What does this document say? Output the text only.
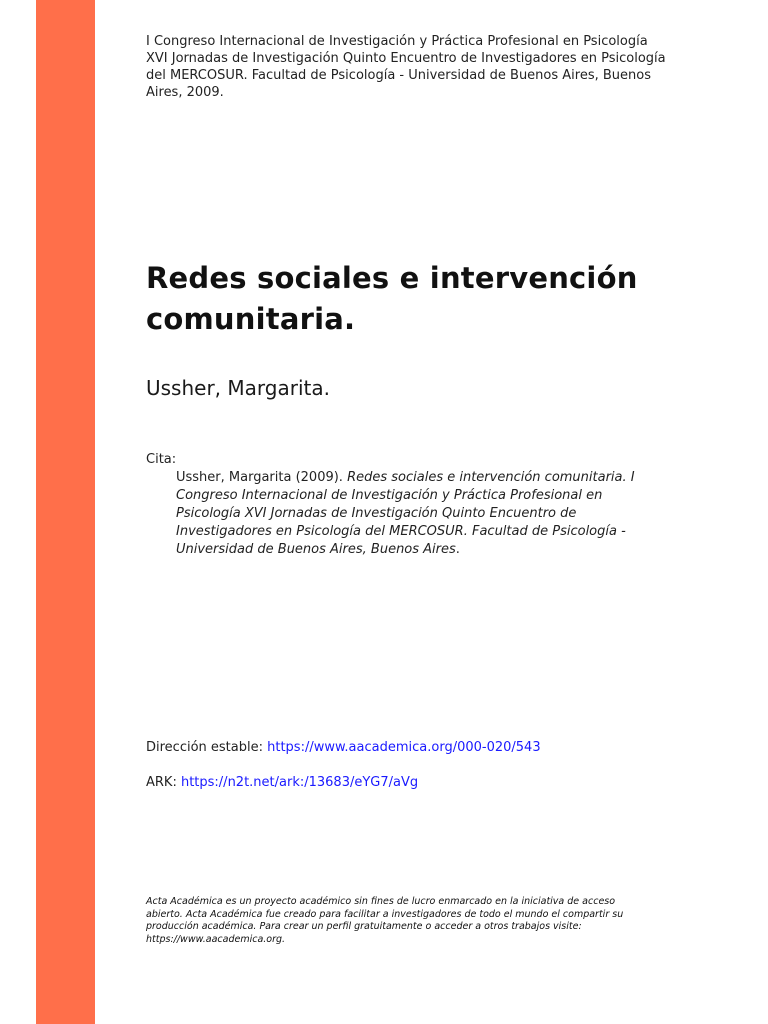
I Congreso Internacional de Investigación y Práctica Profesional en Psicología
XVI Jornadas de Investigación Quinto Encuentro de Investigadores en Psicología
del MERCOSUR. Facultad de Psicología - Universidad de Buenos Aires, Buenos
Aires, 2009.

Redes sociales e intervención
comunitaria.
Ussher, Margarita.
Cita:
Ussher, Margarita (2009). Redes sociales e intervención comunitaria. I
Congreso Internacional de Investigación y Práctica Profesional en
Psicología XVI Jornadas de Investigación Quinto Encuentro de
Investigadores en Psicología del MERCOSUR. Facultad de Psicología -
Universidad de Buenos Aires, Buenos Aires.
Dirección estable: https://www.aacademica.org/000-020/543
ARK: https://n2t.net/ark:/13683/eYG7/aVg
Acta Académica es un proyecto académico sin fines de lucro enmarcado en la iniciativa de acceso
abierto. Acta Académica fue creado para facilitar a investigadores de todo el mundo el compartir su
producción académica. Para crear un perfil gratuitamente o acceder a otros trabajos visite:
https://www.aacademica.org.
